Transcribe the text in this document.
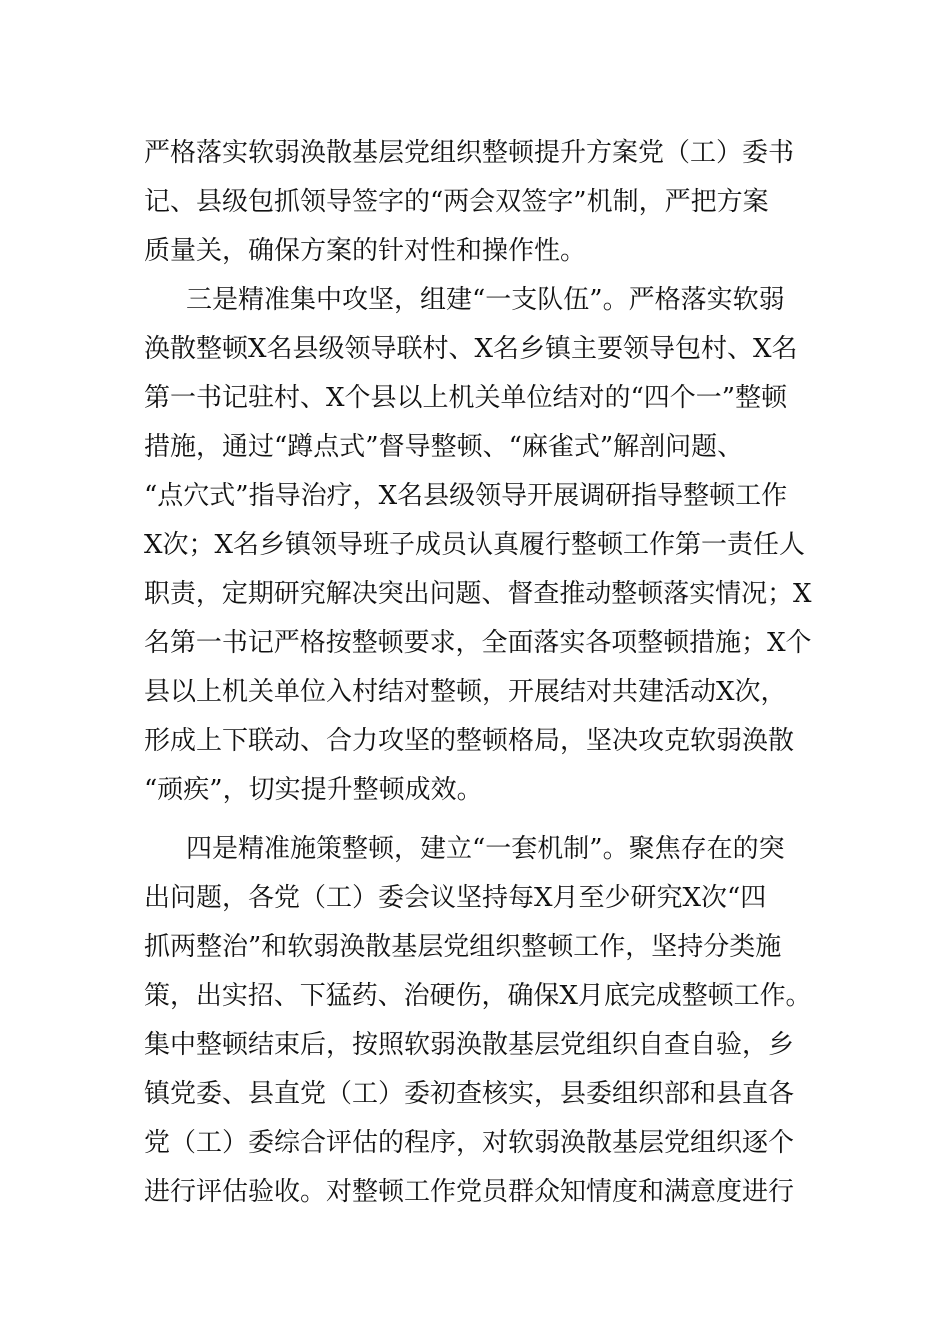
严格落实软弱涣散基层党组织整顿提升方案党（工）委书
记、县级包抓领导签字的“两会双签字”机制，严把方案
质量关，确保方案的针对性和操作性。
三是精准集中攻坚，组建“一支队伍”。严格落实软弱
涣散整顿X名县级领导联村、X名乡镇主要领导包村、X名
第一书记驻村、X个县以上机关单位结对的“四个一”整顿
措施，通过“蹲点式”督导整顿、“麻雀式”解剖问题、
“点穴式”指导治疗，X名县级领导开展调研指导整顿工作
X次；X名乡镇领导班子成员认真履行整顿工作第一责任人
职责，定期研究解决突出问题、督查推动整顿落实情况；X
名第一书记严格按整顿要求，全面落实各项整顿措施；X个
县以上机关单位入村结对整顿，开展结对共建活动X次，
形成上下联动、合力攻坚的整顿格局，坚决攻克软弱涣散
“顽疾”，切实提升整顿成效。
四是精准施策整顿，建立“一套机制”。聚焦存在的突
出问题，各党（工）委会议坚持每X月至少研究X次“四
抓两整治”和软弱涣散基层党组织整顿工作，坚持分类施
策，出实招、下猛药、治硬伤，确保X月底完成整顿工作。
集中整顿结束后，按照软弱涣散基层党组织自查自验，乡
镇党委、县直党（工）委初查核实，县委组织部和县直各
党（工）委综合评估的程序，对软弱涣散基层党组织逐个
进行评估验收。对整顿工作党员群众知情度和满意度进行
